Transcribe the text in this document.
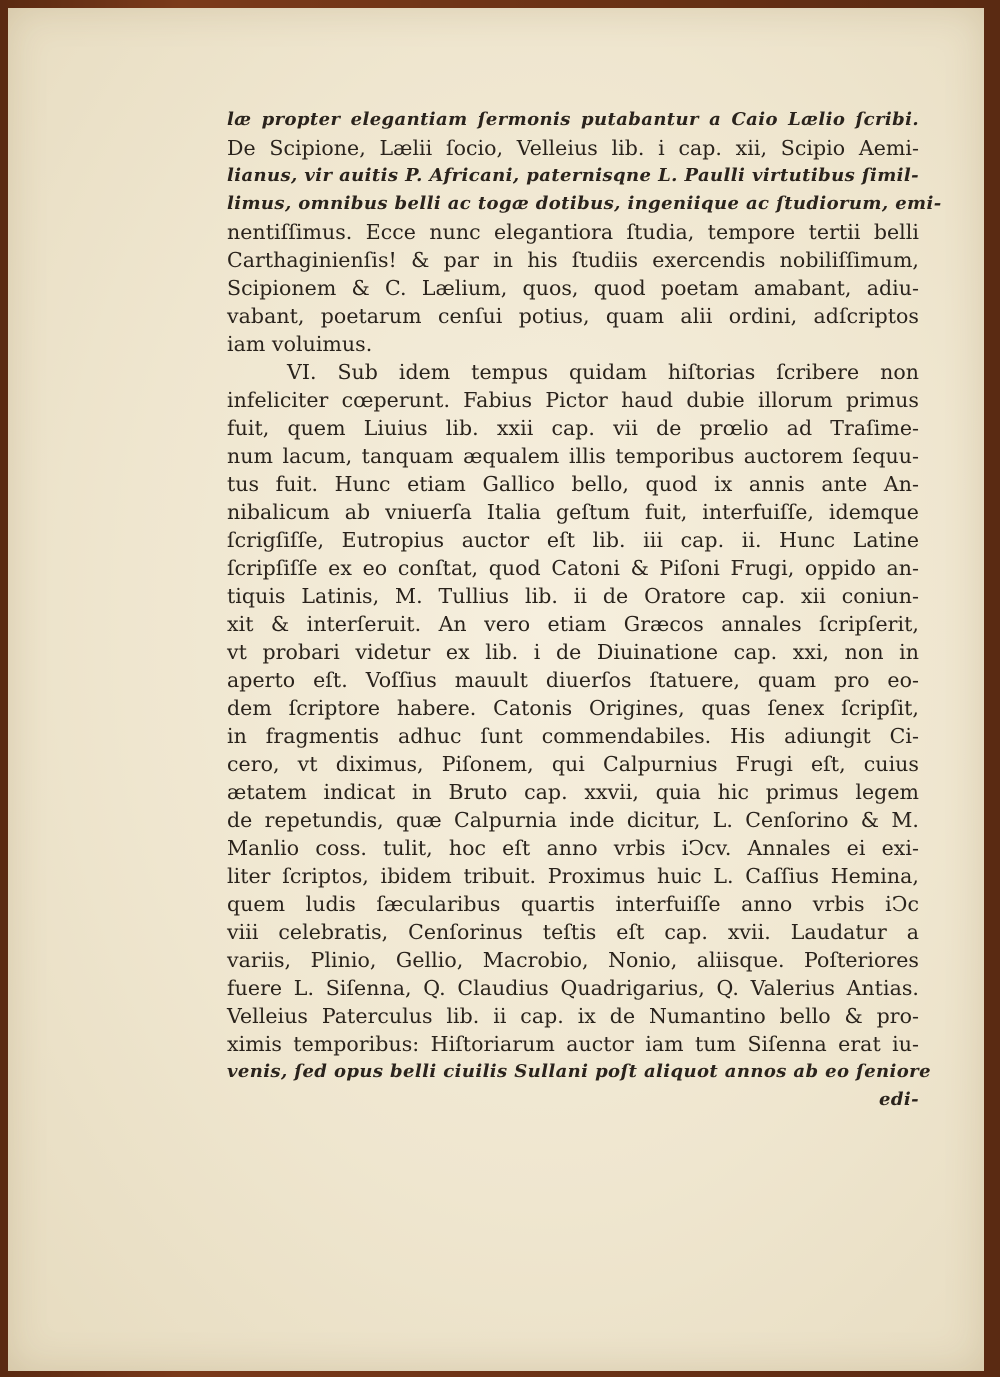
læ propter elegantiam ſermonis putabantur a Caio Lælio ſcribi.
De Scipione, Lælii ſocio, Velleius lib. i cap. xii, Scipio Aemi-
lianus, vir auitis P. Africani, paternisqne L. Paulli virtutibus ſimil-
limus, omnibus belli ac togæ dotibus, ingeniique ac ſtudiorum, emi-
nentiſſimus. Ecce nunc elegantiora ſtudia, tempore tertii belli
Carthaginienſis! & par in his ſtudiis exercendis nobiliſſimum,
Scipionem & C. Lælium, quos, quod poetam amabant, adiu-
vabant, poetarum cenſui potius, quam alii ordini, adſcriptos
iam voluimus.
VI. Sub idem tempus quidam hiſtorias ſcribere non
infeliciter cœperunt. Fabius Pictor haud dubie illorum primus
fuit, quem Liuius lib. xxii cap. vii de prœlio ad Traſime-
num lacum, tanquam æqualem illis temporibus auctorem ſequu-
tus fuit. Hunc etiam Gallico bello, quod ix annis ante An-
nibalicum ab vniuerſa Italia geſtum fuit, interfuiſſe, idemque
ſcrigſiſſe, Eutropius auctor eſt lib. iii cap. ii. Hunc Latine
ſcripſiſſe ex eo conſtat, quod Catoni & Piſoni Frugi, oppido an-
tiquis Latinis, M. Tullius lib. ii de Oratore cap. xii coniun-
xit & interſeruit. An vero etiam Græcos annales ſcripſerit,
vt probari videtur ex lib. i de Diuinatione cap. xxi, non in
aperto eſt. Voſſius mauult diuerſos ſtatuere, quam pro eo-
dem ſcriptore habere. Catonis Origines, quas ſenex ſcripſit,
in fragmentis adhuc ſunt commendabiles. His adiungit Ci-
cero, vt diximus, Piſonem, qui Calpurnius Frugi eſt, cuius
ætatem indicat in Bruto cap. xxvii, quia hic primus legem
de repetundis, quæ Calpurnia inde dicitur, L. Cenſorino & M.
Manlio coss. tulit, hoc eſt anno vrbis iↃcv. Annales ei exi-
liter ſcriptos, ibidem tribuit. Proximus huic L. Caſſius Hemina,
quem ludis ſæcularibus quartis interfuiſſe anno vrbis iↃc
viii celebratis, Cenſorinus teſtis eſt cap. xvii. Laudatur a
variis, Plinio, Gellio, Macrobio, Nonio, aliisque. Poſteriores
fuere L. Siſenna, Q. Claudius Quadrigarius, Q. Valerius Antias.
Velleius Paterculus lib. ii cap. ix de Numantino bello & pro-
ximis temporibus: Hiſtoriarum auctor iam tum Siſenna erat iu-
venis, ſed opus belli ciuilis Sullani poſt aliquot annos ab eo ſeniore
edi-
